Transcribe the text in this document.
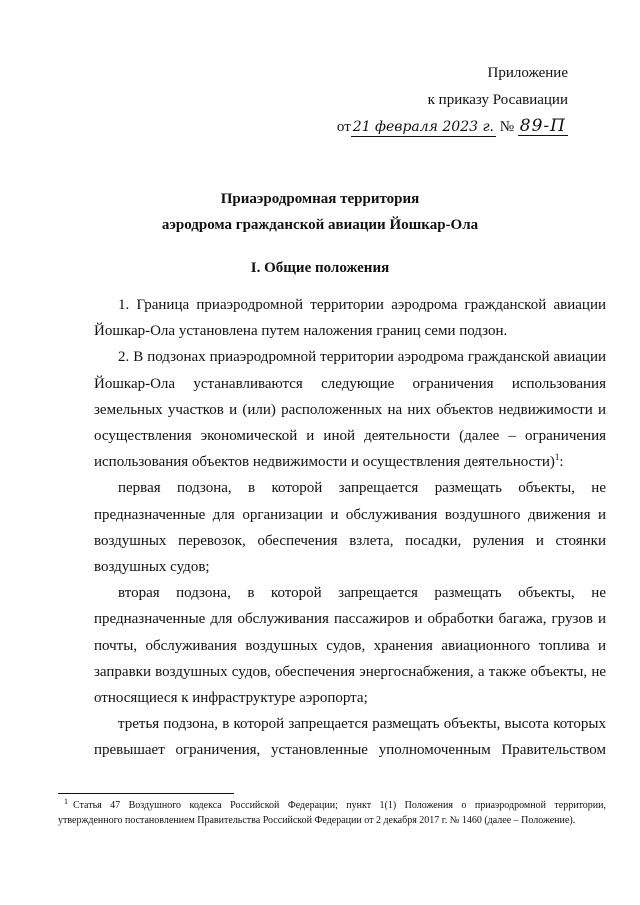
Приложение
к приказу Росавиации
от 21 февраля 2023 г. № 89-П
Приаэродромная территория
аэродрома гражданской авиации Йошкар-Ола
I. Общие положения

1. Граница приаэродромной территории аэродрома гражданской авиации Йошкар-Ола установлена путем наложения границ семи подзон.

2. В подзонах приаэродромной территории аэродрома гражданской авиации Йошкар-Ола устанавливаются следующие ограничения использования земельных участков и (или) расположенных на них объектов недвижимости и осуществления экономической и иной деятельности (далее – ограничения использования объектов недвижимости и осуществления деятельности)$^1$:

первая подзона, в которой запрещается размещать объекты, не предназначенные для организации и обслуживания воздушного движения и воздушных перевозок, обеспечения взлета, посадки, руления и стоянки воздушных судов;

вторая подзона, в которой запрещается размещать объекты, не предназначенные для обслуживания пассажиров и обработки багажа, грузов и почты, обслуживания воздушных судов, хранения авиационного топлива и заправки воздушных судов, обеспечения энергоснабжения, а также объекты, не относящиеся к инфраструктуре аэропорта;

третья подзона, в которой запрещается размещать объекты, высота которых превышает ограничения, установленные уполномоченным Правительством

$^1$ Статья 47 Воздушного кодекса Российской Федерации; пункт 1(1) Положения о приаэродромной территории, утвержденного постановлением Правительства Российской Федерации от 2 декабря 2017 г. № 1460 (далее – Положение).
